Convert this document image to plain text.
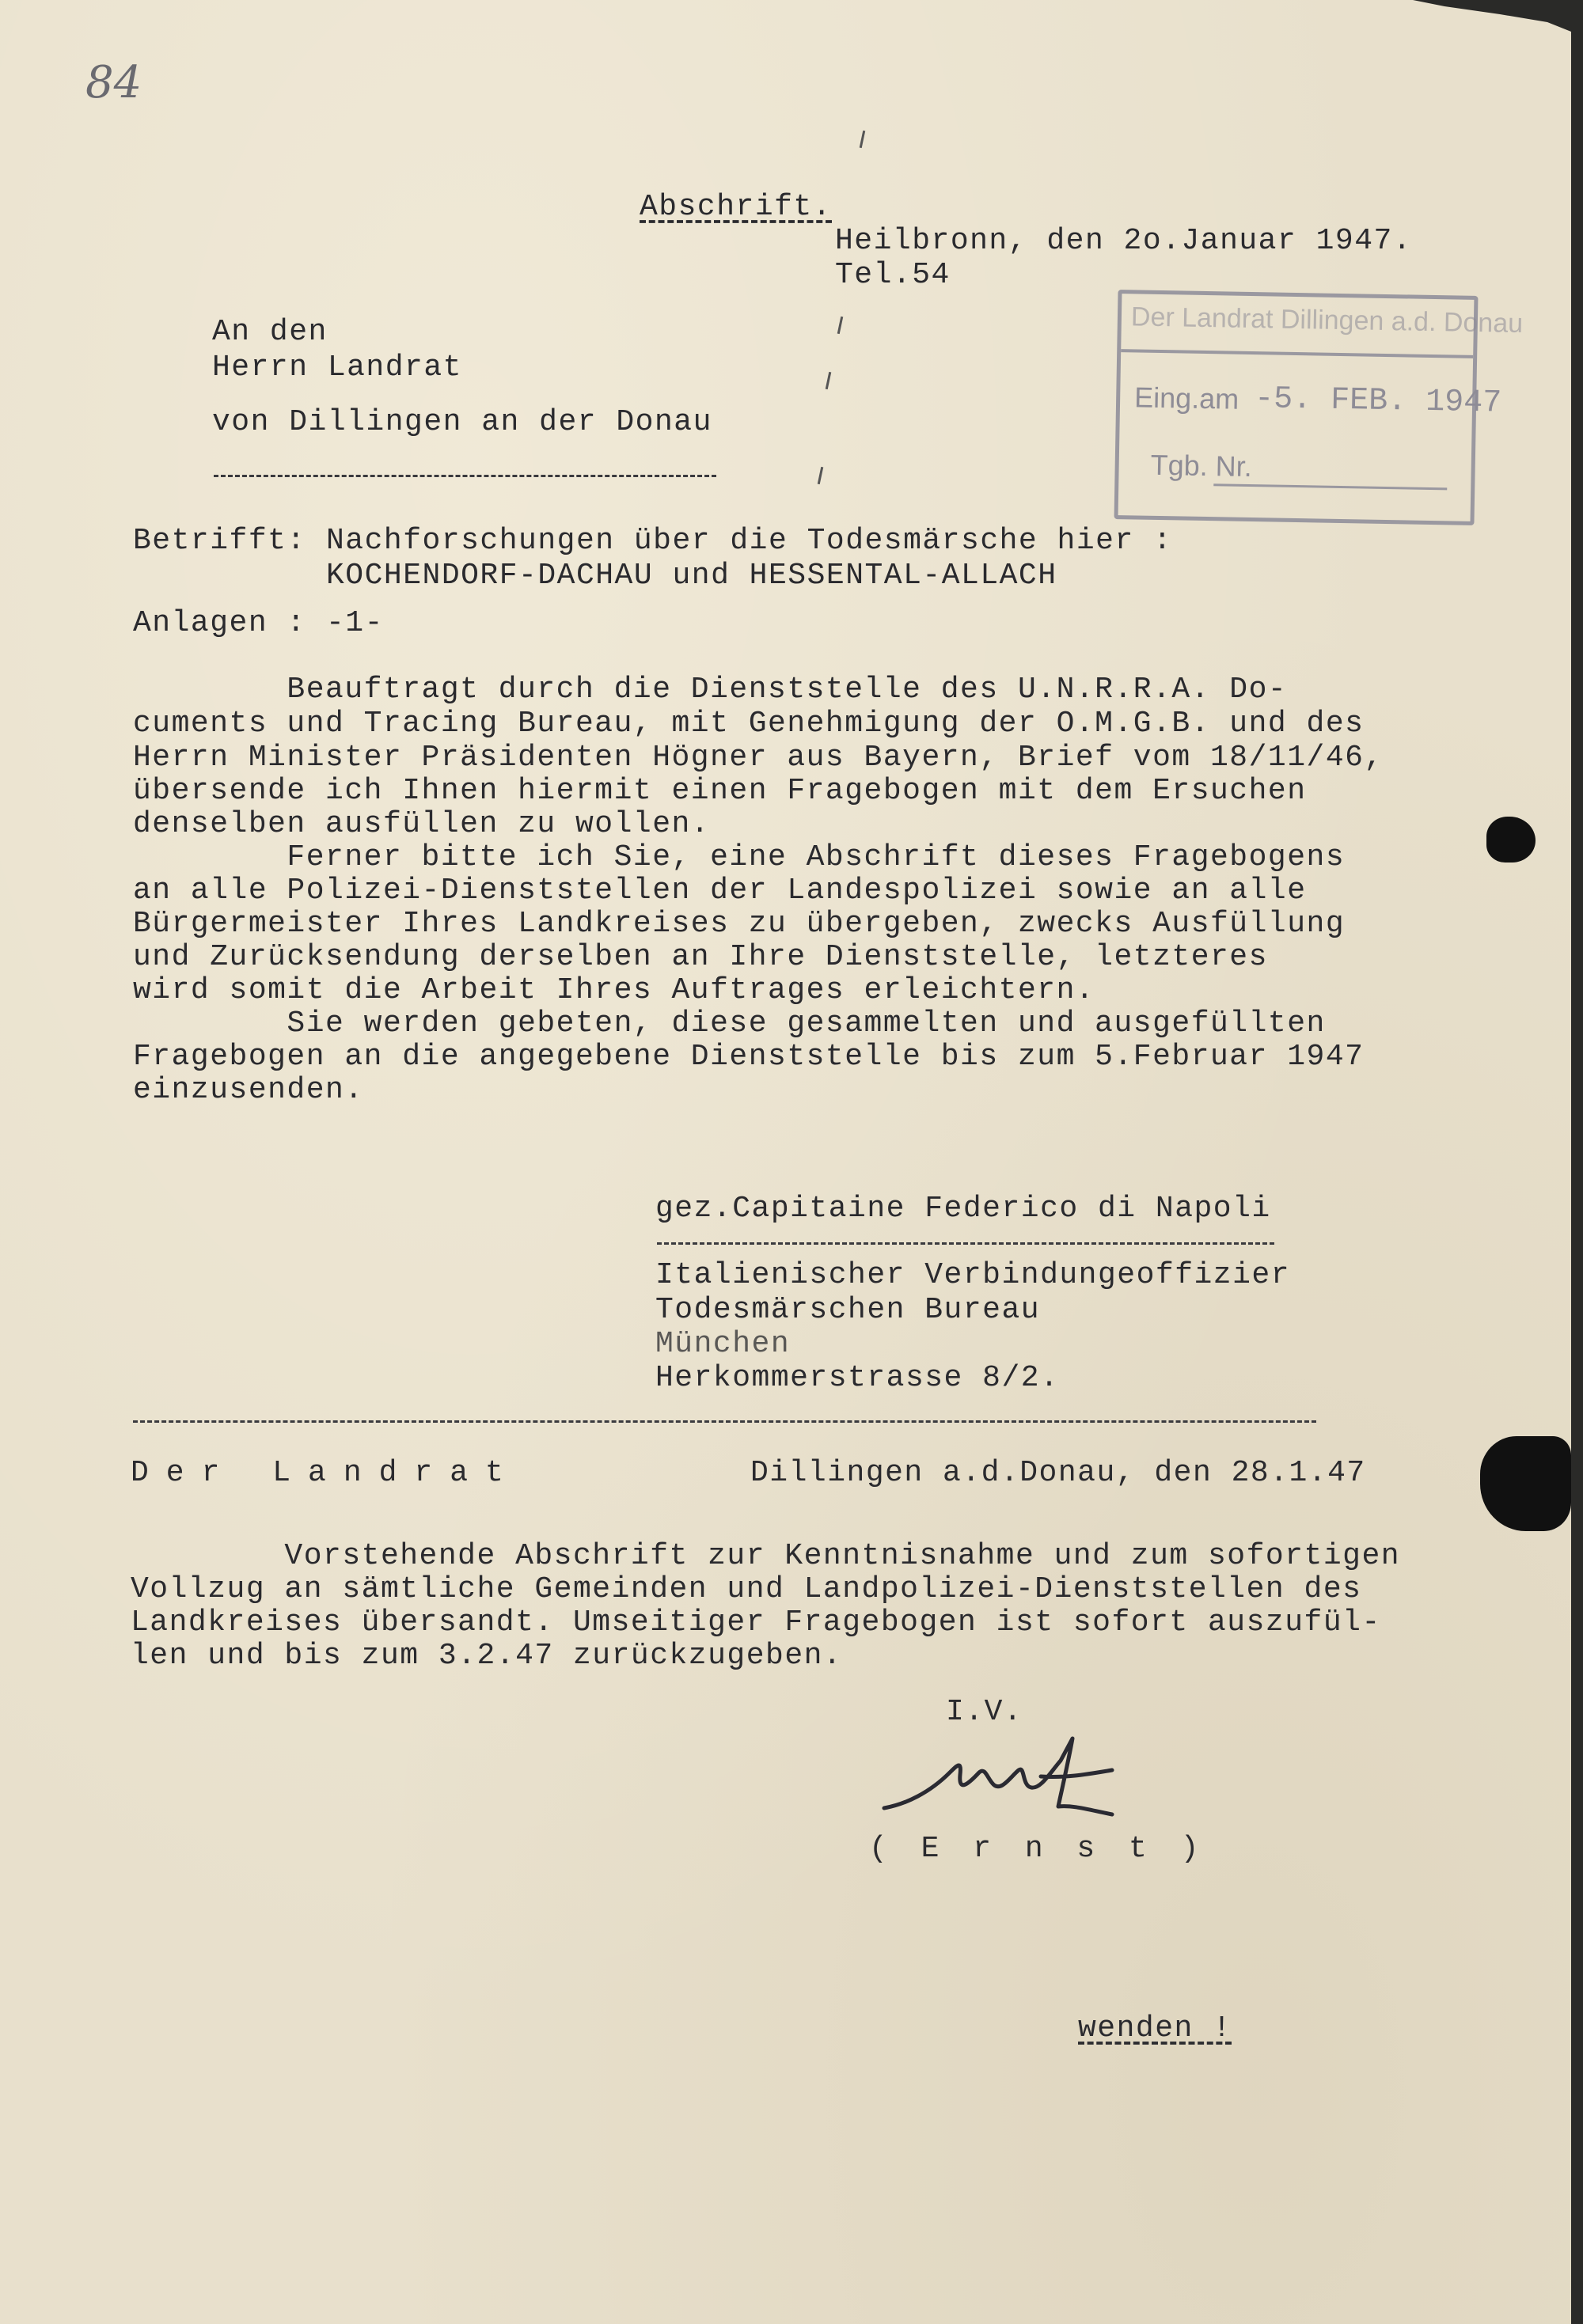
84
Abschrift.
Heilbronn, den 2o.Januar 1947.
Tel.54
An den
Herrn Landrat
von Dillingen an der Donau
Der Landrat Dillingen a.d. Donau
Eing.am -5. FEB. 1947
Tgb. Nr.
Betrifft: Nachforschungen über die Todesmärsche hier :
KOCHENDORF-DACHAU und HESSENTAL-ALLACH
Anlagen : -1-
Beauftragt durch die Dienststelle des U.N.R.R.A. Do-
cuments und Tracing Bureau, mit Genehmigung der O.M.G.B. und des
Herrn Minister Präsidenten Högner aus Bayern, Brief vom 18/11/46,
übersende ich Ihnen hiermit einen Fragebogen mit dem Ersuchen
denselben ausfüllen zu wollen.
Ferner bitte ich Sie, eine Abschrift dieses Fragebogens
an alle Polizei-Dienststellen der Landespolizei sowie an alle
Bürgermeister Ihres Landkreises zu übergeben, zwecks Ausfüllung
und Zurücksendung derselben an Ihre Dienststelle, letzteres
wird somit die Arbeit Ihres Auftrages erleichtern.
Sie werden gebeten, diese gesammelten und ausgefüllten
Fragebogen an die angegebene Dienststelle bis zum 5.Februar 1947
einzusenden.
gez.Capitaine Federico di Napoli
Italienischer Verbindungeoffizier
Todesmärschen Bureau
München
Herkommerstrasse 8/2.
Der Landrat	Dillingen a.d.Donau, den 28.1.47
Vorstehende Abschrift zur Kenntnisnahme und zum sofortigen
Vollzug an sämtliche Gemeinden und Landpolizei-Dienststellen des
Landkreises übersandt. Umseitiger Fragebogen ist sofort auszufül-
len und bis zum 3.2.47 zurückzugeben.
I.V.
( E r n s t )
wenden !
